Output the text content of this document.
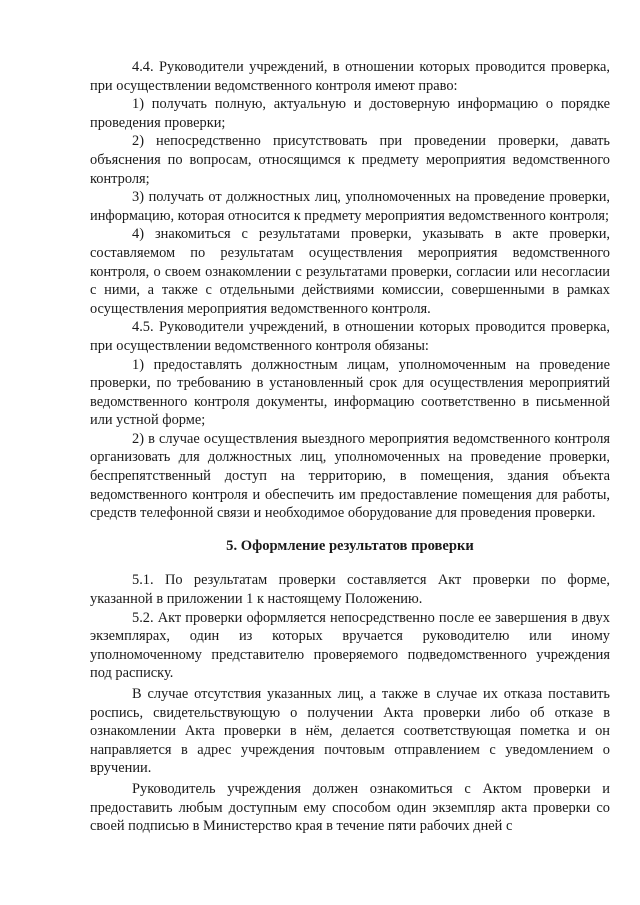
4.4. Руководители учреждений, в отношении которых проводится проверка, при осуществлении ведомственного контроля имеют право:

1) получать полную, актуальную и достоверную информацию о порядке проведения проверки;

2) непосредственно присутствовать при проведении проверки, давать объяснения по вопросам, относящимся к предмету мероприятия ведомственного контроля;

3) получать от должностных лиц, уполномоченных на проведение проверки, информацию, которая относится к предмету мероприятия ведомственного контроля;

4) знакомиться с результатами проверки, указывать в акте проверки, составляемом по результатам осуществления мероприятия ведомственного контроля, о своем ознакомлении с результатами проверки, согласии или несогласии с ними, а также с отдельными действиями комиссии, совершенными в рамках осуществления мероприятия ведомственного контроля.

4.5. Руководители учреждений, в отношении которых проводится проверка, при осуществлении ведомственного контроля обязаны:

1) предоставлять должностным лицам, уполномоченным на проведение проверки, по требованию в установленный срок для осуществления мероприятий ведомственного контроля документы, информацию соответственно в письменной или устной форме;

2) в случае осуществления выездного мероприятия ведомственного контроля организовать для должностных лиц, уполномоченных на проведение проверки, беспрепятственный доступ на территорию, в помещения, здания объекта ведомственного контроля и обеспечить им предоставление помещения для работы, средств телефонной связи и необходимое оборудование для проведения проверки.

5. Оформление результатов проверки

5.1. По результатам проверки составляется Акт проверки по форме, указанной в приложении 1 к настоящему Положению.

5.2. Акт проверки оформляется непосредственно после ее завершения в двух экземплярах, один из которых вручается руководителю или иному уполномоченному представителю проверяемого подведомственного учреждения под расписку.

В случае отсутствия указанных лиц, а также в случае их отказа поставить роспись, свидетельствующую о получении Акта проверки либо об отказе в ознакомлении Акта проверки в нём, делается соответствующая пометка и он направляется в адрес учреждения почтовым отправлением с уведомлением о вручении.

Руководитель учреждения должен ознакомиться с Актом проверки и предоставить любым доступным ему способом один экземпляр акта проверки со своей подписью в Министерство края в течение пяти рабочих дней с
